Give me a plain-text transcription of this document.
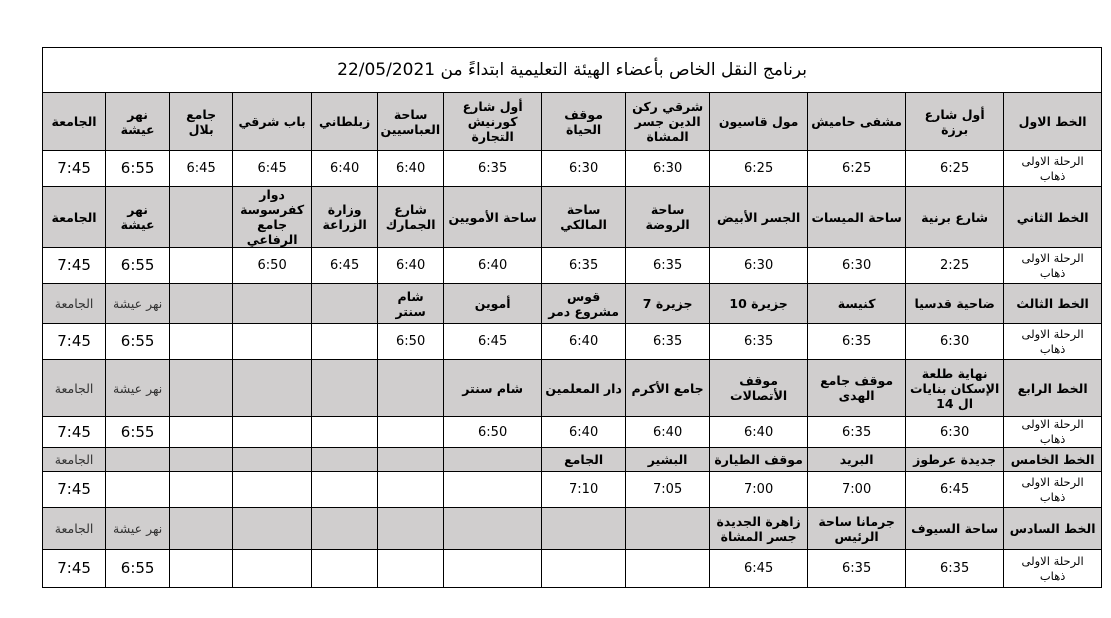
برنامج النقل الخاص بأعضاء الهيئة التعليمية ابتداءً من 22/05/2021												
الخط الاول	أول شارع برزة	مشفى حاميش	مول قاسيون	شرقي ركن الدين جسر المشاة	موقف الحياة	أول شارع كورنيش التجارة	ساحة العباسيين	زبلطاني	باب شرقي	جامع بلال	نهر عيشة	الجامعة
الرحلة الاولى ذهاب	6:25	6:25	6:25	6:30	6:30	6:35	6:40	6:40	6:45	6:45	6:55	7:45
الخط الثاني	شارع برنية	ساحة الميسات	الجسر الأبيض	ساحة الروضة	ساحة المالكي	ساحة الأمويين	شارع الجمارك	وزارة الزراعة	دوار كفرسوسة جامع الرفاعي		نهر عيشة	الجامعة
الرحلة الاولى ذهاب	2:25	6:30	6:30	6:35	6:35	6:40	6:40	6:45	6:50		6:55	7:45
الخط الثالث	ضاحية قدسيا	كنيسة	جزيرة 10	جزيرة 7	قوس مشروع دمر	أموين	شام سنتر				نهر عيشة	الجامعة
الرحلة الاولى ذهاب	6:30	6:35	6:35	6:35	6:40	6:45	6:50				6:55	7:45
الخط الرابع	نهاية طلعة الإسكان بنايات ال 14	موقف جامع الهدى	موقف الأتصالات	جامع الأكرم	دار المعلمين	شام سنتر					نهر عيشة	الجامعة
الرحلة الاولى ذهاب	6:30	6:35	6:40	6:40	6:40	6:50					6:55	7:45
الخط الخامس	جديدة عرطوز	البريد	موقف الطيارة	البشير	الجامع							الجامعة
الرحلة الاولى ذهاب	6:45	7:00	7:00	7:05	7:10							7:45
الخط السادس	ساحة السيوف	جرمانا ساحة الرئيس	زاهرة الجديدة جسر المشاة								نهر عيشة	الجامعة
الرحلة الاولى ذهاب	6:35	6:35	6:45								6:55	7:45
